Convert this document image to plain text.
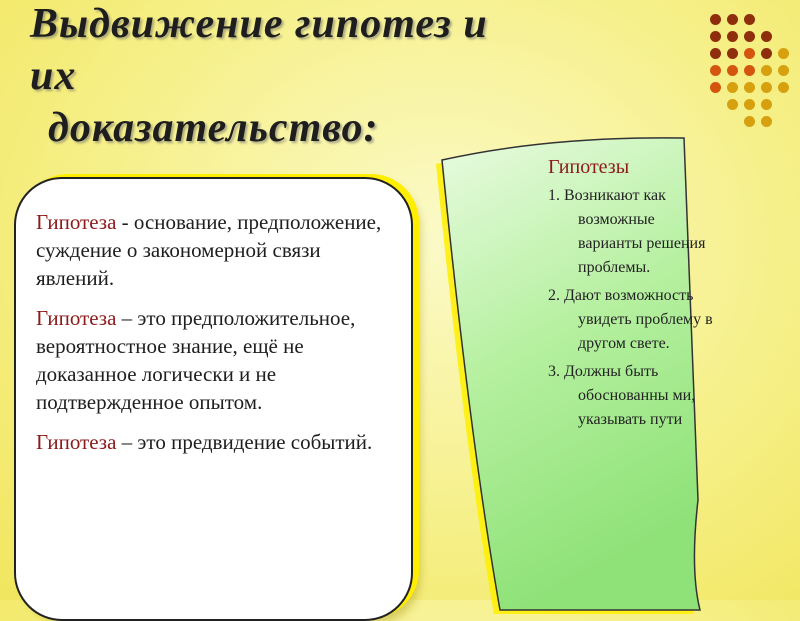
Выдвижение гипотез и
их
доказательство:
Гипотезы

1. Возникают как возможные варианты решения проблемы.

2. Дают возможность увидеть проблему в другом свете.

3. Должны быть обоснованны ми, указывать пути

Гипотеза - основание, предположение, суждение о закономерной связи явлений.

Гипотеза – это предположительное, вероятностное знание, ещё не доказанное логически и не подтвержденное опытом.

Гипотеза – это предвидение событий.
